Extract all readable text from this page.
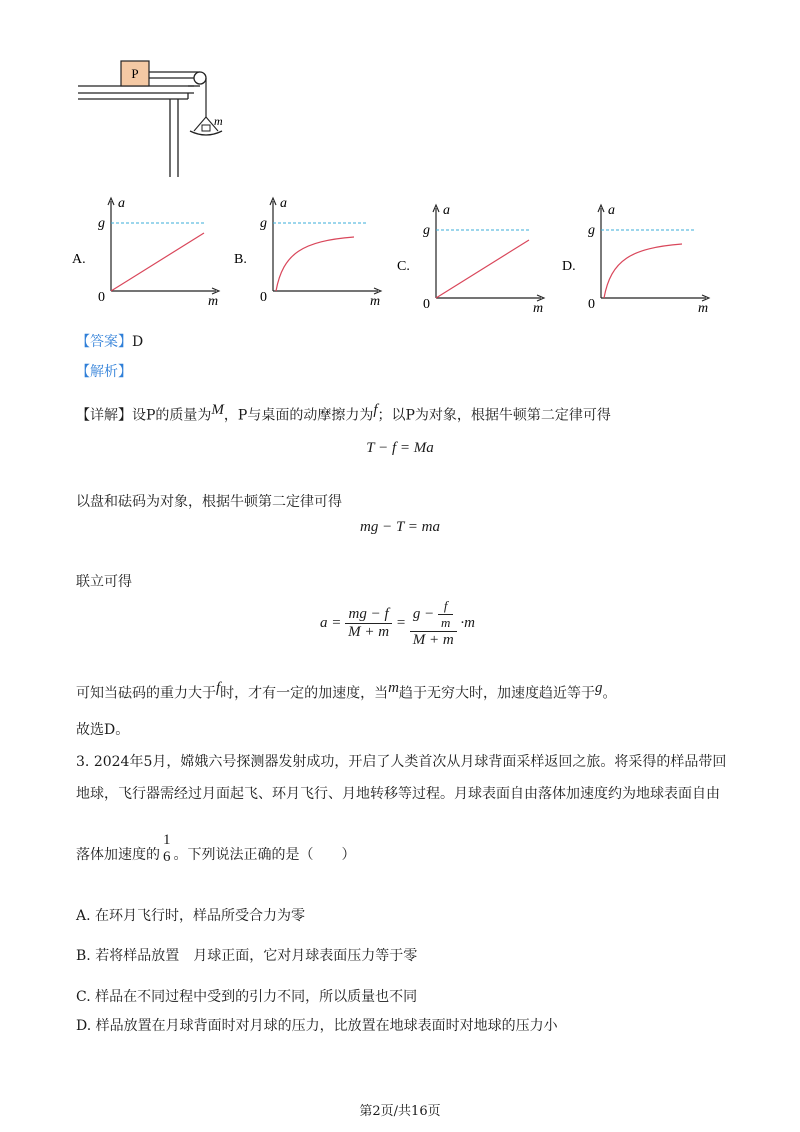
P
m
A.
a
m
g
0
B.
a
m
g
0
C.
a
m
g
0
D.
a
m
g
0
【答案】D
【解析】
【详解】设P的质量为$^M$，P与桌面的动摩擦力为$^f$；以P为对象，根据牛顿第二定律可得
T − f = Ma
以盘和砝码为对象，根据牛顿第二定律可得
mg − T = ma
联立可得
$a = \frac{mg - f}{M + m} = \frac{g - \frac{f}{m}}{M + m} \cdot m$
可知当砝码的重力大于$^f$时，才有一定的加速度，当$^m$趋于无穷大时，加速度趋近等于$^g$。
故选D。
3. 2024年5月，嫦娥六号探测器发射成功，开启了人类首次从月球背面采样返回之旅。将采得的样品带回
地球，飞行器需经过月面起飞、环月飞行、月地转移等过程。月球表面自由落体加速度约为地球表面自由
落体加速度的
1
6 。下列说法正确的是（　　）
A. 在环月飞行时，样品所受合力为零
B. 若将样品放置　月球正面，它对月球表面压力等于零
C. 样品在不同过程中受到的引力不同，所以质量也不同
D. 样品放置在月球背面时对月球的压力，比放置在地球表面时对地球的压力小
第2页/共16页
